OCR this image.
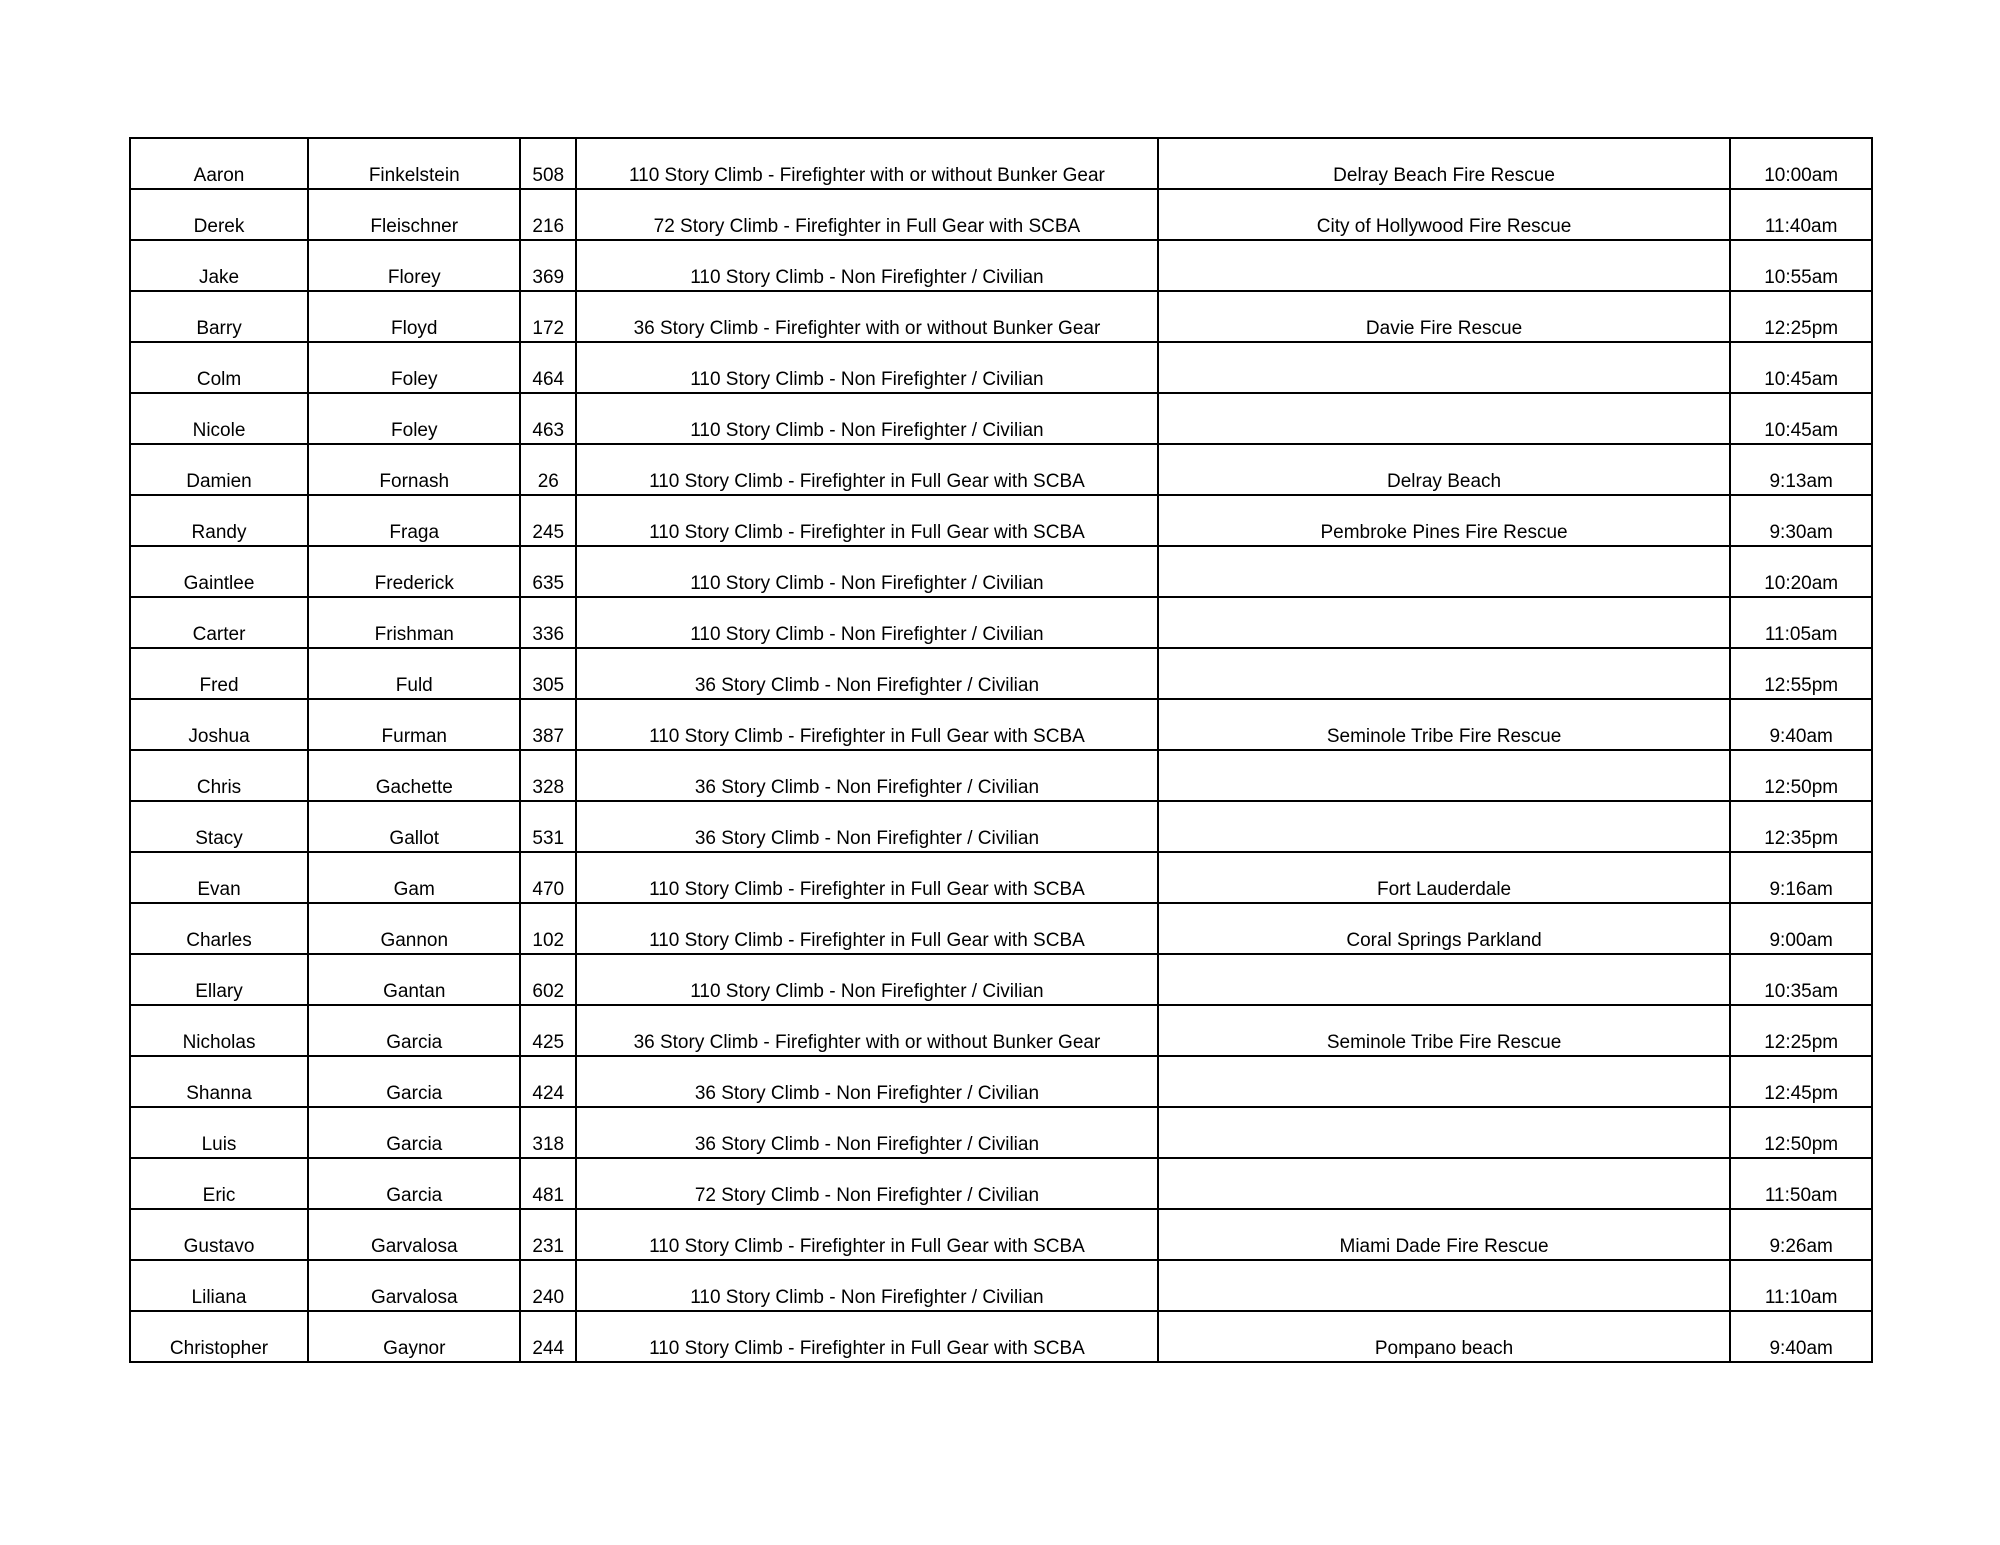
Aaron	Finkelstein	508	110 Story Climb - Firefighter with or without Bunker Gear	Delray Beach Fire Rescue	10:00am
Derek	Fleischner	216	72 Story Climb - Firefighter in Full Gear with SCBA	City of Hollywood Fire Rescue	11:40am
Jake	Florey	369	110 Story Climb - Non Firefighter / Civilian		10:55am
Barry	Floyd	172	36 Story Climb - Firefighter with or without Bunker Gear	Davie Fire Rescue	12:25pm
Colm	Foley	464	110 Story Climb - Non Firefighter / Civilian		10:45am
Nicole	Foley	463	110 Story Climb - Non Firefighter / Civilian		10:45am
Damien	Fornash	26	110 Story Climb - Firefighter in Full Gear with SCBA	Delray Beach	9:13am
Randy	Fraga	245	110 Story Climb - Firefighter in Full Gear with SCBA	Pembroke Pines Fire Rescue	9:30am
Gaintlee	Frederick	635	110 Story Climb - Non Firefighter / Civilian		10:20am
Carter	Frishman	336	110 Story Climb - Non Firefighter / Civilian		11:05am
Fred	Fuld	305	36 Story Climb - Non Firefighter / Civilian		12:55pm
Joshua	Furman	387	110 Story Climb - Firefighter in Full Gear with SCBA	Seminole Tribe Fire Rescue	9:40am
Chris	Gachette	328	36 Story Climb - Non Firefighter / Civilian		12:50pm
Stacy	Gallot	531	36 Story Climb - Non Firefighter / Civilian		12:35pm
Evan	Gam	470	110 Story Climb - Firefighter in Full Gear with SCBA	Fort Lauderdale	9:16am
Charles	Gannon	102	110 Story Climb - Firefighter in Full Gear with SCBA	Coral Springs Parkland	9:00am
Ellary	Gantan	602	110 Story Climb - Non Firefighter / Civilian		10:35am
Nicholas	Garcia	425	36 Story Climb - Firefighter with or without Bunker Gear	Seminole Tribe Fire Rescue	12:25pm
Shanna	Garcia	424	36 Story Climb - Non Firefighter / Civilian		12:45pm
Luis	Garcia	318	36 Story Climb - Non Firefighter / Civilian		12:50pm
Eric	Garcia	481	72 Story Climb - Non Firefighter / Civilian		11:50am
Gustavo	Garvalosa	231	110 Story Climb - Firefighter in Full Gear with SCBA	Miami Dade Fire Rescue	9:26am
Liliana	Garvalosa	240	110 Story Climb - Non Firefighter / Civilian		11:10am
Christopher	Gaynor	244	110 Story Climb - Firefighter in Full Gear with SCBA	Pompano beach	9:40am
